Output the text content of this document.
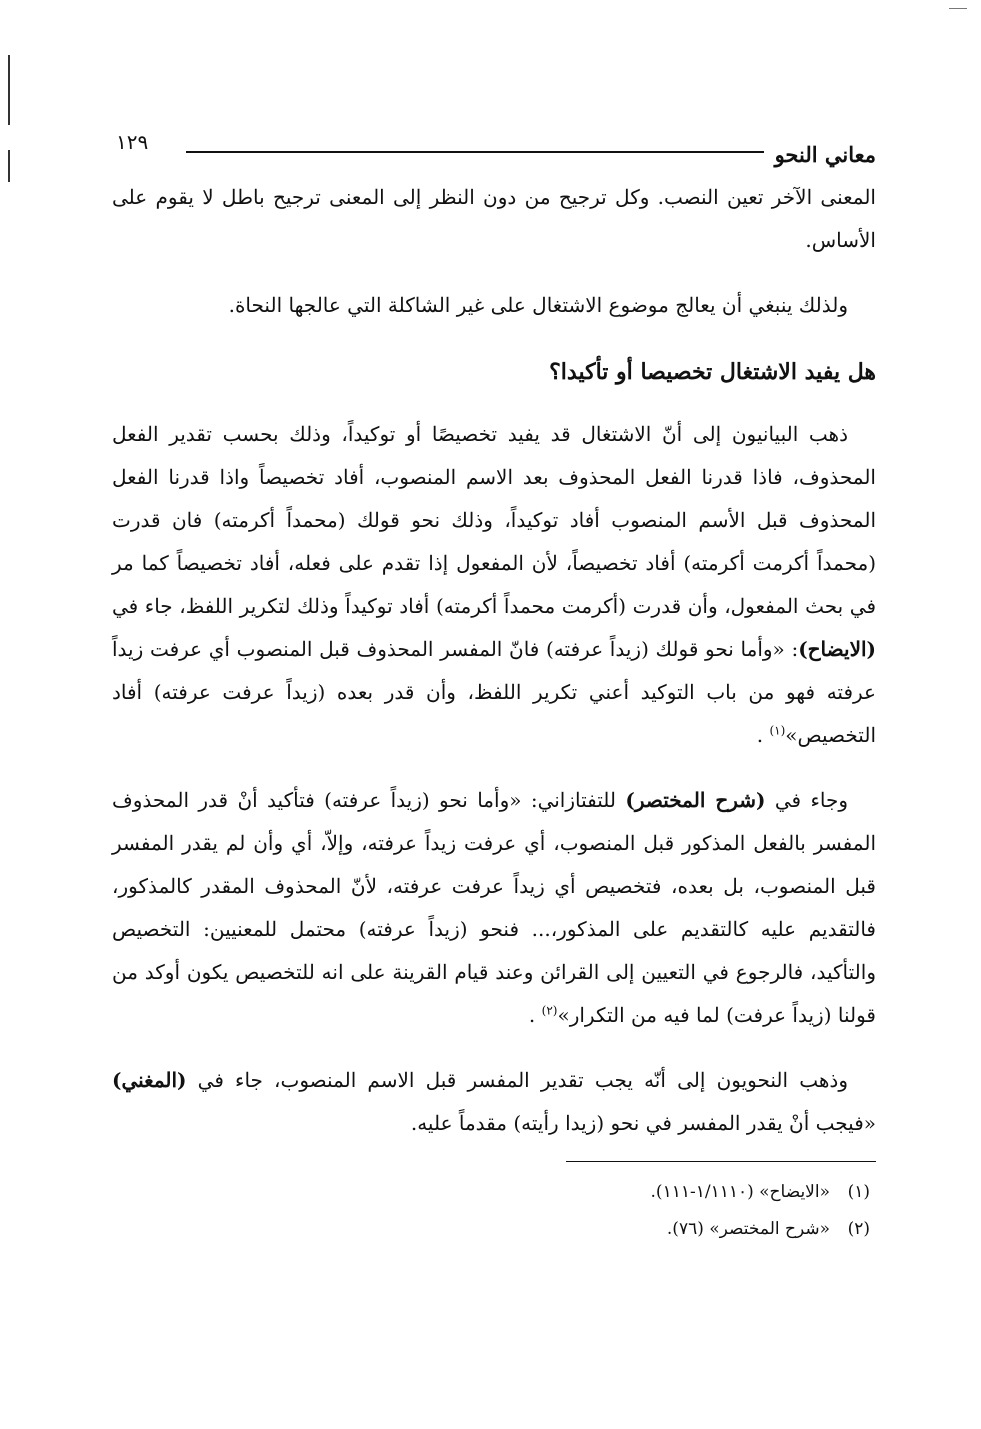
معاني النحو
١٢٩

المعنى الآخر تعين النصب. وكل ترجيح من دون النظر إلى المعنى ترجيح باطل لا يقوم على الأساس.

ولذلك ينبغي أن يعالج موضوع الاشتغال على غير الشاكلة التي عالجها النحاة.

هل يفيد الاشتغال تخصيصا أو تأكيدا؟

ذهب البيانيون إلى أنّ الاشتغال قد يفيد تخصيصًا أو توكيداً، وذلك بحسب تقدير الفعل المحذوف، فاذا قدرنا الفعل المحذوف بعد الاسم المنصوب، أفاد تخصيصاً واذا قدرنا الفعل المحذوف قبل الأسم المنصوب أفاد توكيداً، وذلك نحو قولك (محمداً أكرمته) فان قدرت (محمداً أكرمت أكرمته) أفاد تخصيصاً، لأن المفعول إذا تقدم على فعله، أفاد تخصيصاً كما مر في بحث المفعول، وأن قدرت (أكرمت محمداً أكرمته) أفاد توكيداً وذلك لتكرير اللفظ، جاء في (الايضاح): «وأما نحو قولك (زيداً عرفته) فانّ المفسر المحذوف قبل المنصوب أي عرفت زيداً عرفته فهو من باب التوكيد أعني تكرير اللفظ، وأن قدر بعده (زيداً عرفت عرفته) أفاد التخصيص»$^{(١)}$ .

وجاء في (شرح المختصر) للتفتازاني: «وأما نحو (زيداً عرفته) فتأكيد أنْ قدر المحذوف المفسر بالفعل المذكور قبل المنصوب، أي عرفت زيداً عرفته، وإلاّ، أي وأن لم يقدر المفسر قبل المنصوب، بل بعده، فتخصيص أي زيداً عرفت عرفته، لأنّ المحذوف المقدر كالمذكور، فالتقديم عليه كالتقديم على المذكور،... فنحو (زيداً عرفته) محتمل للمعنيين: التخصيص والتأكيد، فالرجوع في التعيين إلى القرائن وعند قيام القرينة على انه للتخصيص يكون أوكد من قولنا (زيداً عرفت) لما فيه من التكرار»$^{(٢)}$ .

وذهب النحويون إلى أنّه يجب تقدير المفسر قبل الاسم المنصوب، جاء في (المغني) «فيجب أنْ يقدر المفسر في نحو (زيدا رأيته) مقدماً عليه.

(١)
«الايضاح» (١/١١١٠-١١١).
(٢)
«شرح المختصر» (٧٦).
